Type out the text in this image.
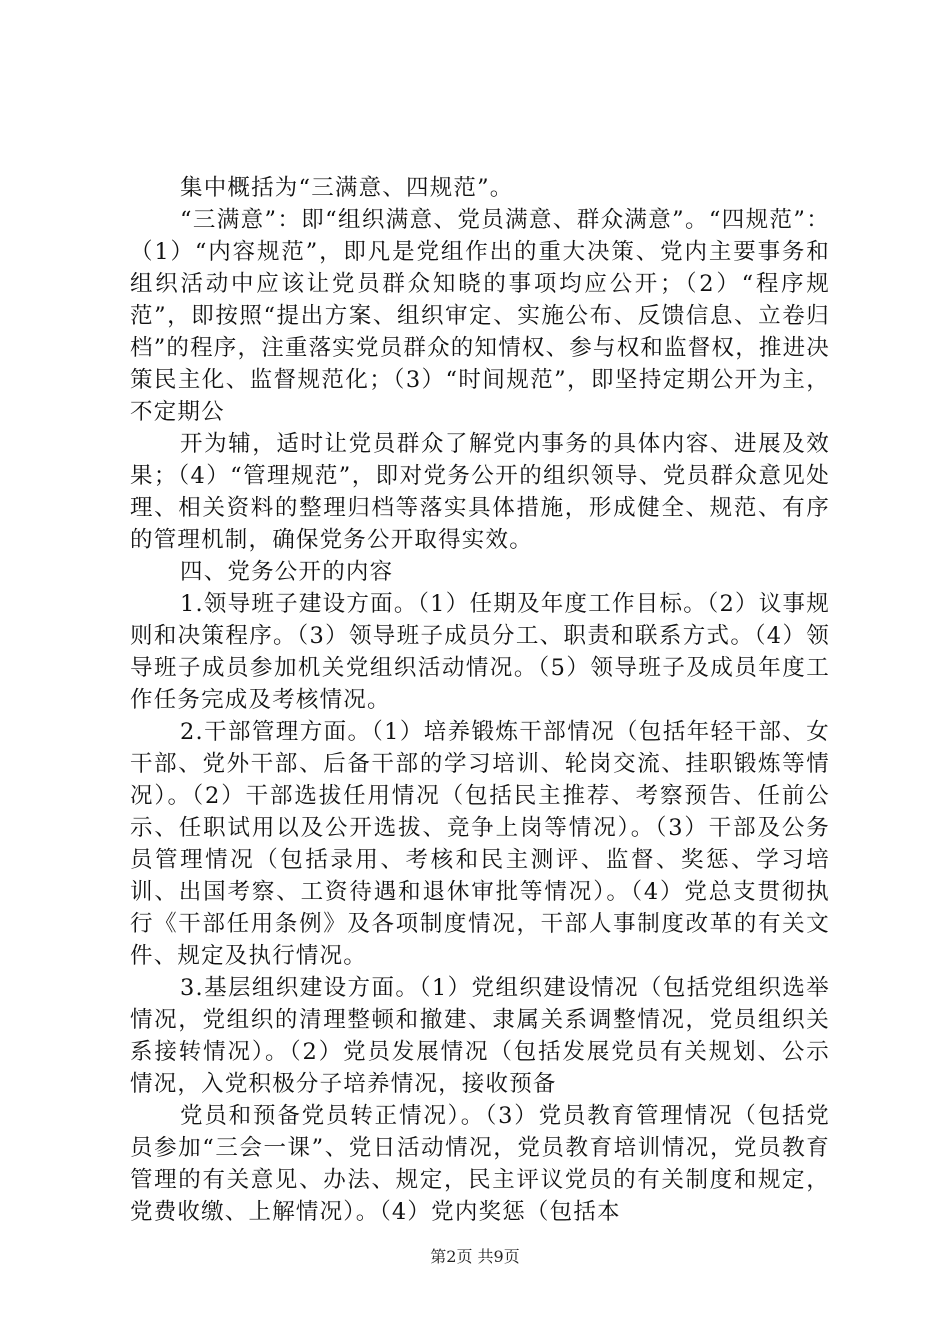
集中概括为“三满意、四规范”。

“三满意”：即“组织满意、党员满意、群众满意”。“四规范”：（1）“内容规范”，即凡是党组作出的重大决策、党内主要事务和组织活动中应该让党员群众知晓的事项均应公开；（2）“程序规范”，即按照“提出方案、组织审定、实施公布、反馈信息、立卷归档”的程序，注重落实党员群众的知情权、参与权和监督权，推进决策民主化、监督规范化；（3）“时间规范”，即坚持定期公开为主，不定期公

开为辅，适时让党员群众了解党内事务的具体内容、进展及效果；（4）“管理规范”，即对党务公开的组织领导、党员群众意见处理、相关资料的整理归档等落实具体措施，形成健全、规范、有序的管理机制，确保党务公开取得实效。

四、党务公开的内容

1.领导班子建设方面。（1）任期及年度工作目标。（2）议事规则和决策程序。（3）领导班子成员分工、职责和联系方式。（4）领导班子成员参加机关党组织活动情况。（5）领导班子及成员年度工作任务完成及考核情况。

2.干部管理方面。（1）培养锻炼干部情况（包括年轻干部、女干部、党外干部、后备干部的学习培训、轮岗交流、挂职锻炼等情况）。（2）干部选拔任用情况（包括民主推荐、考察预告、任前公示、任职试用以及公开选拔、竞争上岗等情况）。（3）干部及公务员管理情况（包括录用、考核和民主测评、监督、奖惩、学习培训、出国考察、工资待遇和退休审批等情况）。（4）党总支贯彻执行《干部任用条例》及各项制度情况，干部人事制度改革的有关文件、规定及执行情况。

3.基层组织建设方面。（1）党组织建设情况（包括党组织选举情况，党组织的清理整顿和撤建、隶属关系调整情况，党员组织关系接转情况）。（2）党员发展情况（包括发展党员有关规划、公示情况，入党积极分子培养情况，接收预备

党员和预备党员转正情况）。（3）党员教育管理情况（包括党员参加“三会一课”、党日活动情况，党员教育培训情况，党员教育管理的有关意见、办法、规定，民主评议党员的有关制度和规定，党费收缴、上解情况）。（4）党内奖惩（包括本

第2页 共9页
